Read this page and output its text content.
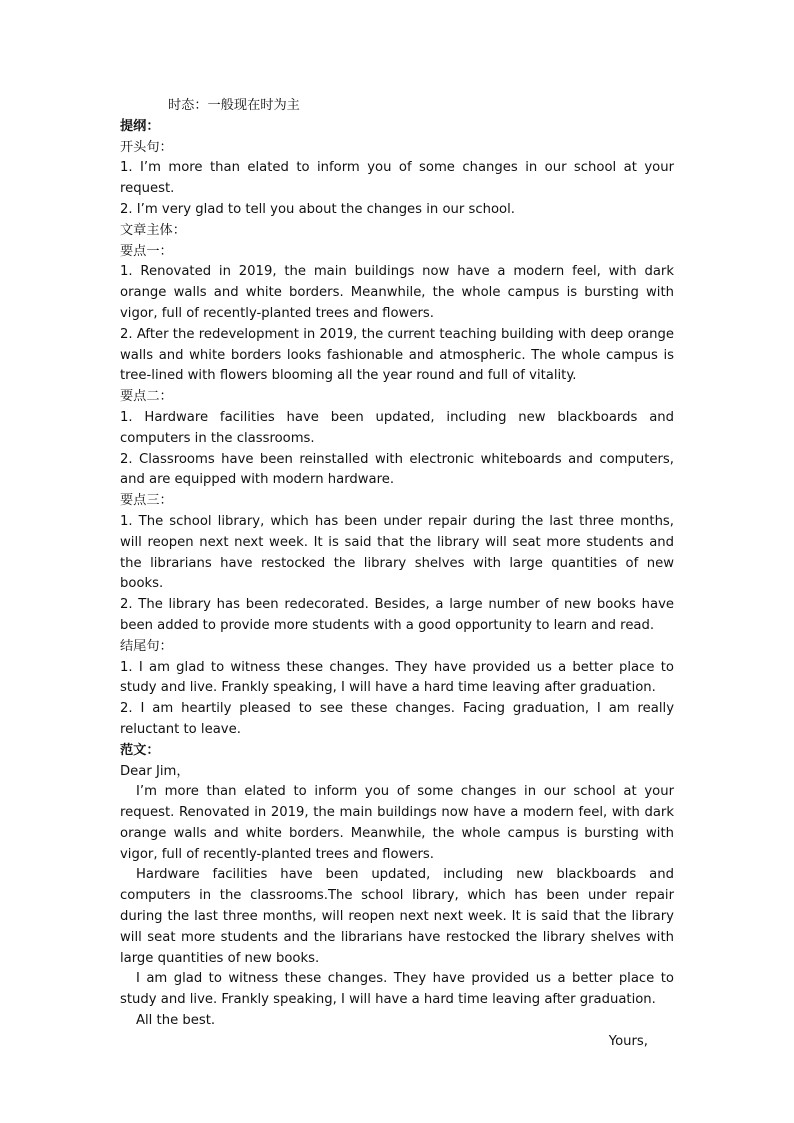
时态：一般现在时为主
提纲：
开头句：
1. I’m more than elated to inform you of some changes in our school at your request.
2. I’m very glad to tell you about the changes in our school.
文章主体：
要点一：
1. Renovated in 2019, the main buildings now have a modern feel, with dark orange walls and white borders. Meanwhile, the whole campus is bursting with vigor, full of recently-planted trees and flowers.
2. After the redevelopment in 2019, the current teaching building with deep orange walls and white borders looks fashionable and atmospheric. The whole campus is tree-lined with flowers blooming all the year round and full of vitality.
要点二：
1. Hardware facilities have been updated, including new blackboards and computers in the classrooms.
2. Classrooms have been reinstalled with electronic whiteboards and computers, and are equipped with modern hardware.
要点三：
1. The school library, which has been under repair during the last three months, will reopen next next week. It is said that the library will seat more students and the librarians have restocked the library shelves with large quantities of new books.
2. The library has been redecorated. Besides, a large number of new books have been added to provide more students with a good opportunity to learn and read.
结尾句：
1. I am glad to witness these changes. They have provided us a better place to study and live. Frankly speaking, I will have a hard time leaving after graduation.
2. I am heartily pleased to see these changes. Facing graduation, I am really reluctant to leave.
范文：
Dear Jim，
I’m more than elated to inform you of some changes in our school at your request. Renovated in 2019, the main buildings now have a modern feel, with dark orange walls and white borders. Meanwhile, the whole campus is bursting with vigor, full of recently-planted trees and flowers.
Hardware facilities have been updated, including new blackboards and computers in the classrooms.The school library, which has been under repair during the last three months, will reopen next next week. It is said that the library will seat more students and the librarians have restocked the library shelves with large quantities of new books.
I am glad to witness these changes. They have provided us a better place to study and live. Frankly speaking, I will have a hard time leaving after graduation.
All the best.
Yours,
